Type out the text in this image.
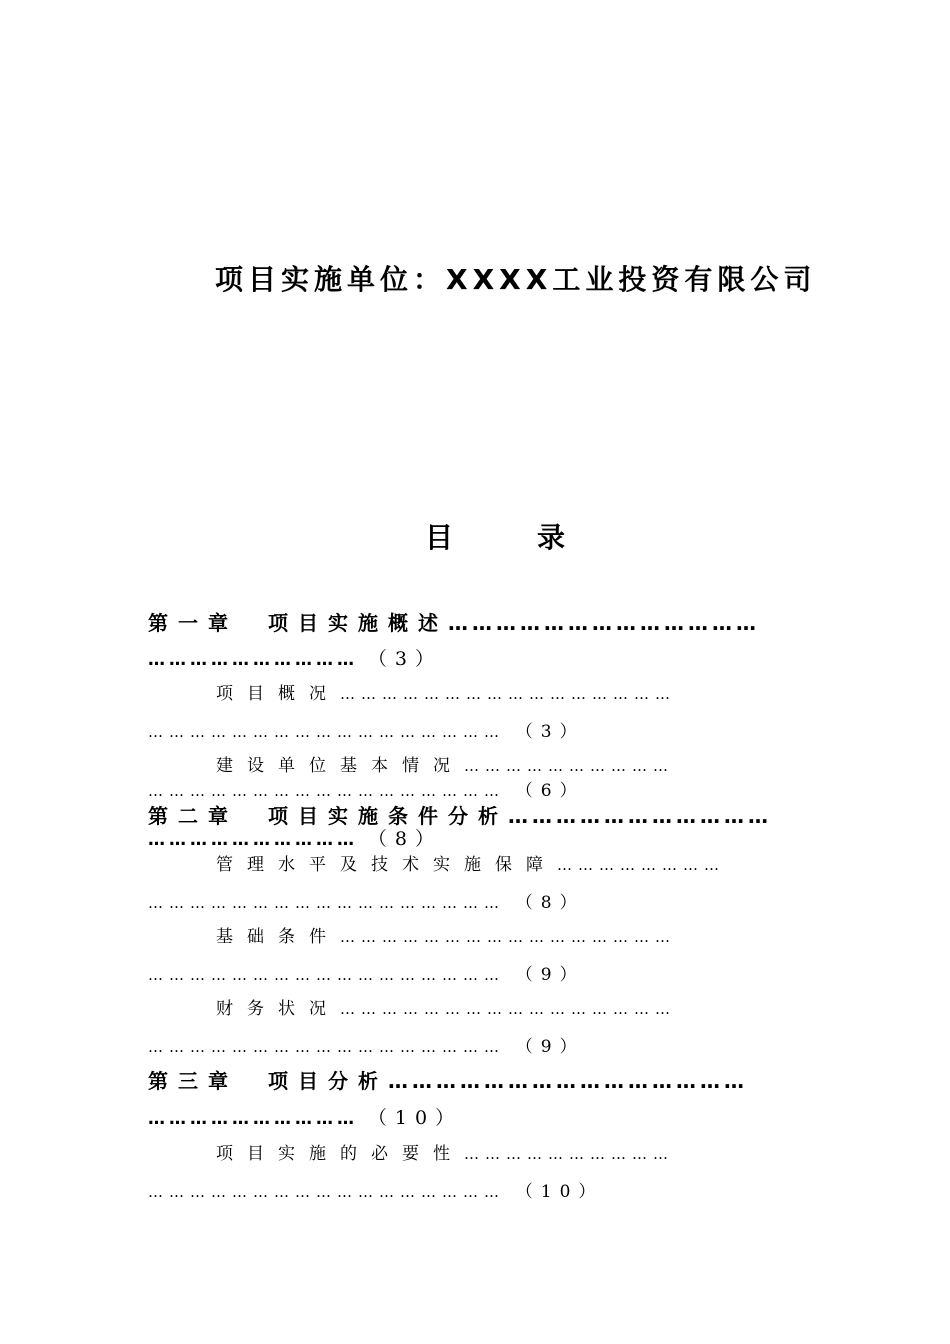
项目实施单位：XXXX工业投资有限公司
目	录
第一章　项目实施概述…………………………………
………………………… （3）
项目概况…………………………………………
…………………………………………… （3）
建设单位基本情况…………………………
…………………………………………… （6）
第二章　项目实施条件分析……………………………
………………………… （8）
管理水平及技术实施保障……………………
…………………………………………… （8）
基础条件…………………………………………
…………………………………………… （9）
财务状况…………………………………………
…………………………………………… （9）
第三章　项目分析………………………………………
………………………… （10）
项目实施的必要性…………………………
…………………………………………… （10）
